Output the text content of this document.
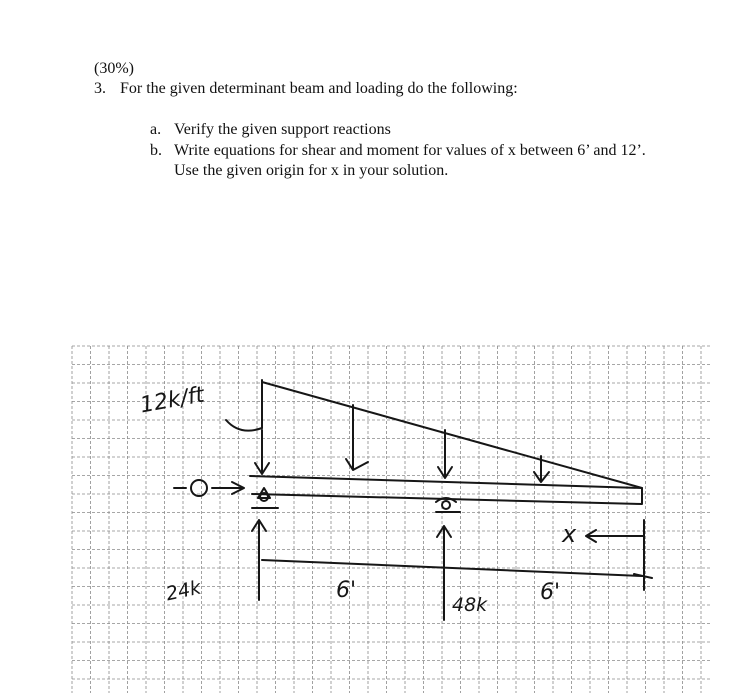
(30%)
3. For the given determinant beam and loading do the following:
a. Verify the given support reactions
b. Write equations for shear and moment for values of x between 6’ and 12’.
Use the given origin for x in your solution.
12k/ft
24k	48k
6'	6'
x
